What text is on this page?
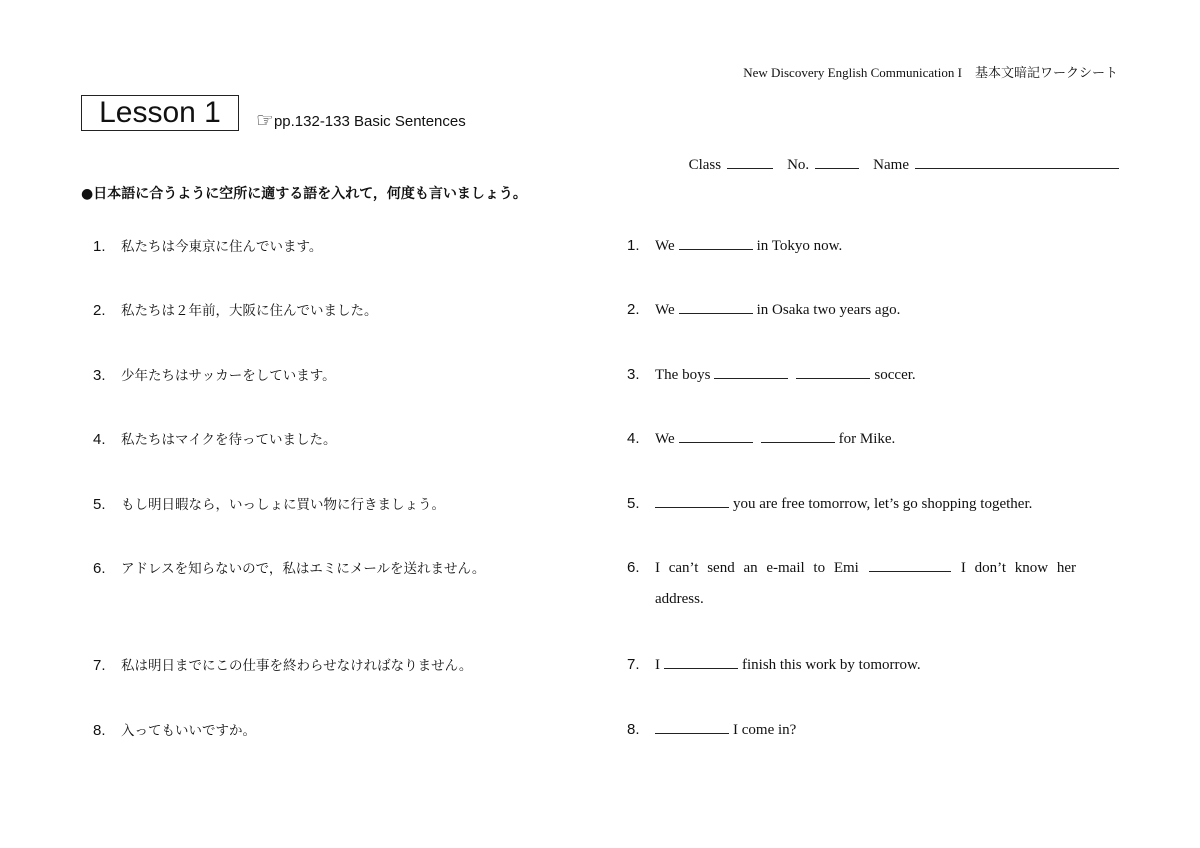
New Discovery English Communication I　基本文暗記ワークシート
Lesson 1	☞pp.132-133 Basic Sentences
Class	No.	Name
●日本語に合うように空所に適する語を入れて，何度も言いましょう。
1. 私たちは今東京に住んでいます。
2. 私たちは２年前，大阪に住んでいました。
3. 少年たちはサッカーをしています。
4. 私たちはマイクを待っていました。
5. もし明日暇なら，いっしょに買い物に行きましょう。
6. アドレスを知らないので，私はエミにメールを送れません。
7. 私は明日までにこの仕事を終わらせなければなりません。
8. 入ってもいいですか。
1. We	in Tokyo now.
2. We	in Osaka two years ago.
3. The boys	soccer.
4. We	for Mike.
5.	you are free tomorrow, let’s go shopping together.
6. I can’t send an e-mail to Emi	I don’t know her
address.
7. I	finish this work by tomorrow.
8.	I come in?
